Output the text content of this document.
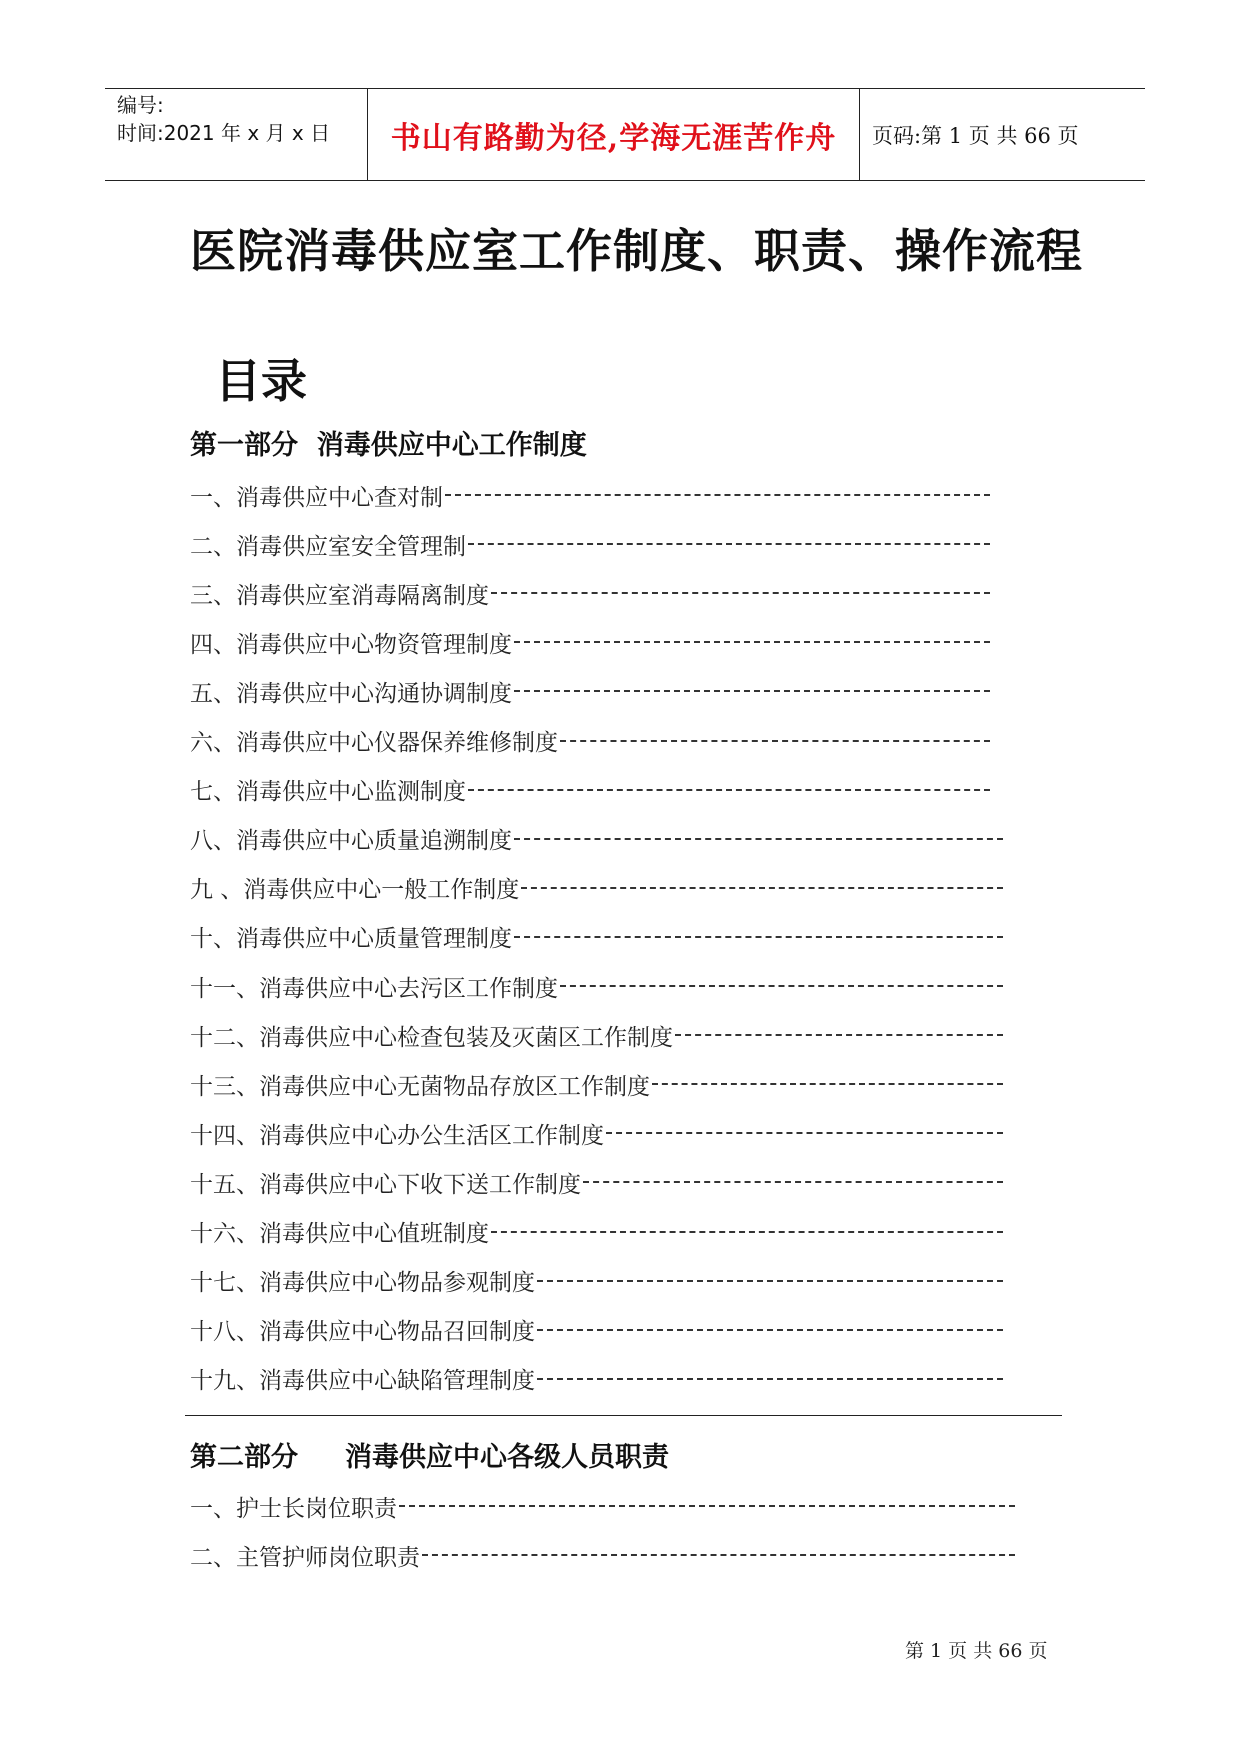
编号:
时间:2021 年 x 月 x 日	书山有路勤为径,学海无涯苦作舟	页码:第 1 页 共 66 页
医院消毒供应室工作制度、职责、操作流程
目录
第一部分  消毒供应中心工作制度
一、消毒供应中心查对制
二、消毒供应室安全管理制
三、消毒供应室消毒隔离制度
四、消毒供应中心物资管理制度
五、消毒供应中心沟通协调制度
六、消毒供应中心仪器保养维修制度
七、消毒供应中心监测制度
八、消毒供应中心质量追溯制度
九 、消毒供应中心一般工作制度
十、消毒供应中心质量管理制度
十一、消毒供应中心去污区工作制度
十二、消毒供应中心检查包装及灭菌区工作制度
十三、消毒供应中心无菌物品存放区工作制度
十四、消毒供应中心办公生活区工作制度
十五、消毒供应中心下收下送工作制度
十六、消毒供应中心值班制度
十七、消毒供应中心物品参观制度
十八、消毒供应中心物品召回制度
十九、消毒供应中心缺陷管理制度
第二部分     消毒供应中心各级人员职责
一、护士长岗位职责
二、主管护师岗位职责
第 1 页 共 66 页
